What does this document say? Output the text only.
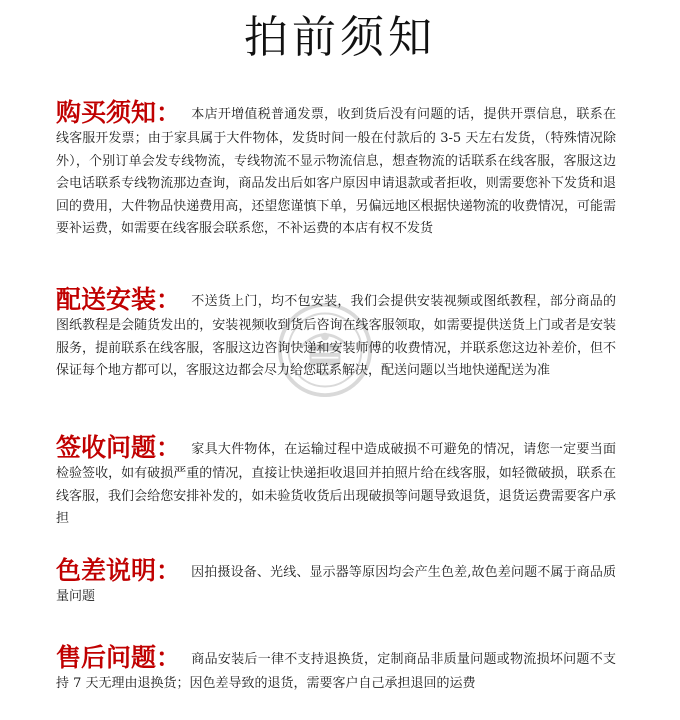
拍前须知

购买须知： 本店开增值税普通发票，收到货后没有问题的话，提供开票信息，联系在线客服开发票；由于家具属于大件物体，发货时间一般在付款后的 3-5 天左右发货，（特殊情况除外），个别订单会发专线物流，专线物流不显示物流信息，想查物流的话联系在线客服，客服这边会电话联系专线物流那边查询，商品发出后如客户原因申请退款或者拒收，则需要您补下发货和退回的费用，大件物品快递费用高，还望您谨慎下单，另偏远地区根据快递物流的收费情况，可能需要补运费，如需要在线客服会联系您，不补运费的本店有权不发货

配送安装： 不送货上门，均不包安装，我们会提供安装视频或图纸教程，部分商品的图纸教程是会随货发出的，安装视频收到货后咨询在线客服领取，如需要提供送货上门或者是安装服务，提前联系在线客服，客服这边咨询快递和安装师傅的收费情况，并联系您这边补差价，但不保证每个地方都可以，客服这边都会尽力给您联系解决，配送问题以当地快递配送为准

签收问题： 家具大件物体，在运输过程中造成破损不可避免的情况，请您一定要当面检验签收，如有破损严重的情况，直接让快递拒收退回并拍照片给在线客服，如轻微破损，联系在线客服，我们会给您安排补发的，如未验货收货后出现破损等问题导致退货，退货运费需要客户承担

色差说明： 因拍摄设备、光线、显示器等原因均会产生色差,故色差问题不属于商品质量问题

售后问题： 商品安装后一律不支持退换货，定制商品非质量问题或物流损坏问题不支持 7 天无理由退换货；因色差导致的退货，需要客户自己承担退回的运费
